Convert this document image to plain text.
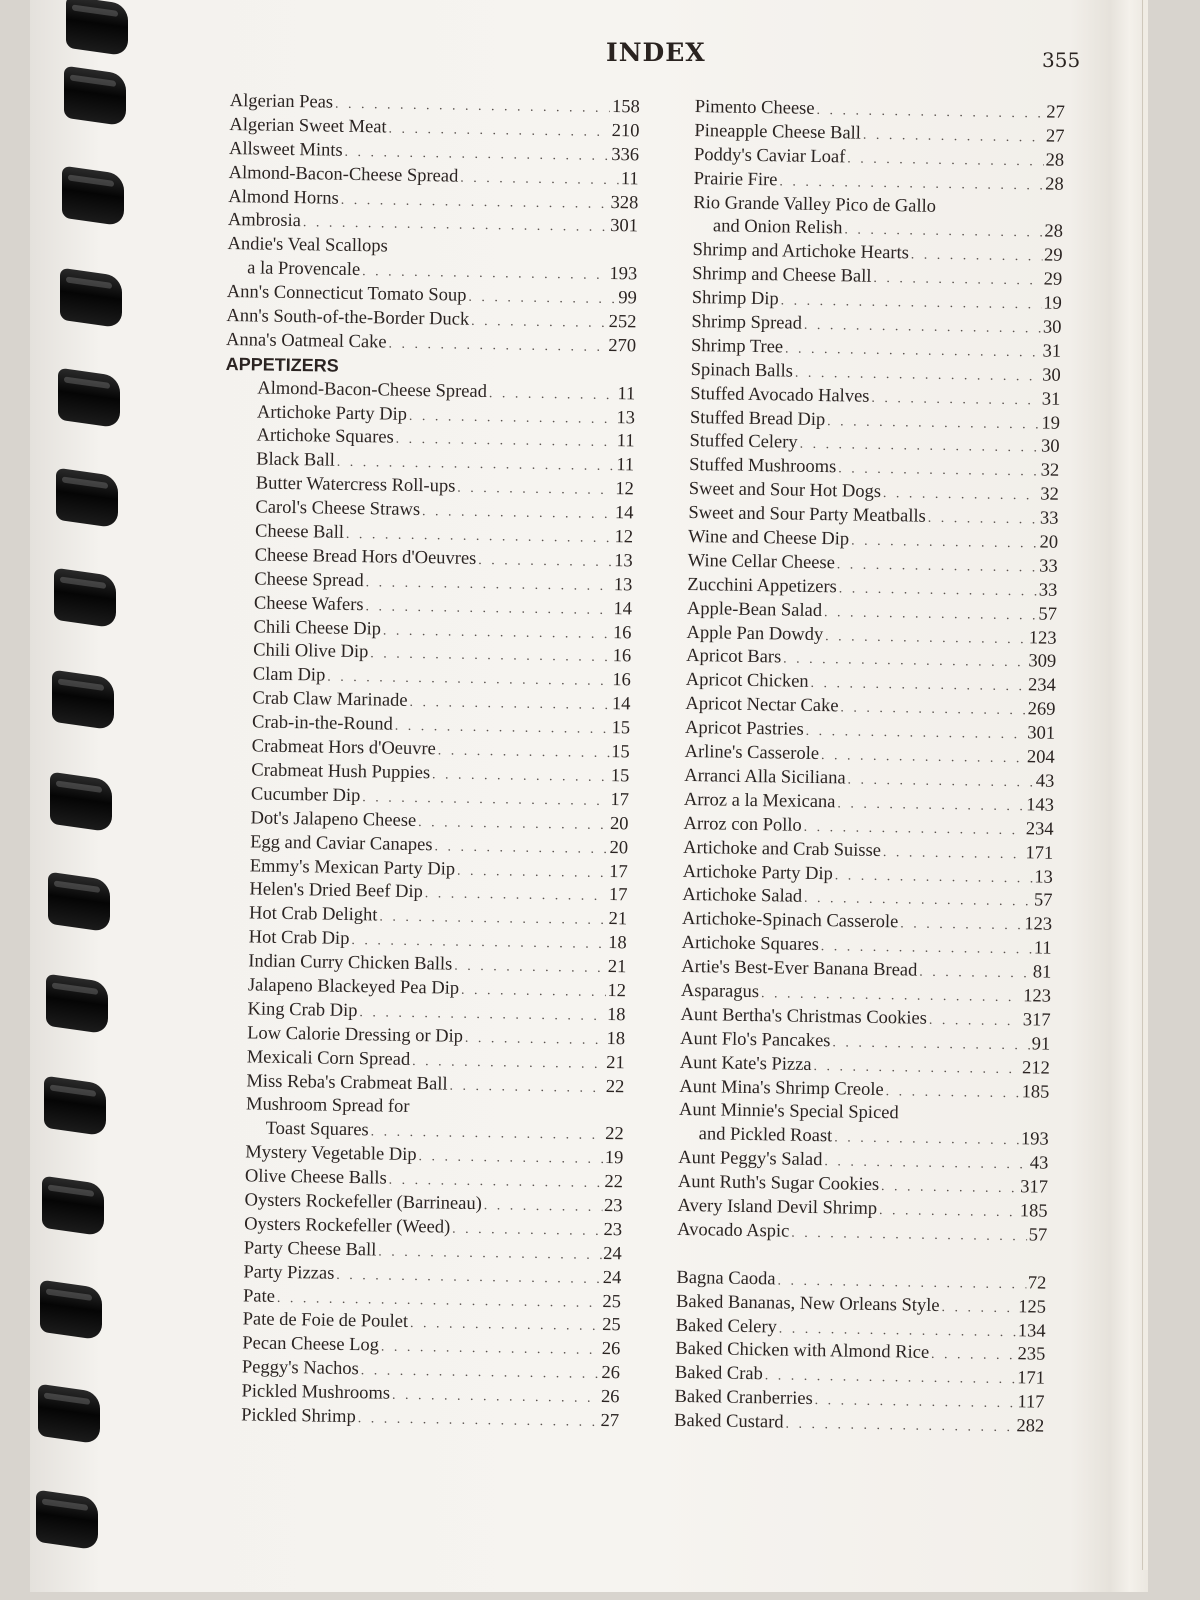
INDEX	355
Algerian Peas . . .	158
Algerian Sweet Meat . . .	210
Allsweet Mints . . .	336
Almond-Bacon-Cheese Spread . . .	11
Almond Horns . . .	328
Ambrosia . . .	301
Andie's Veal Scallops
a la Provencale . . .	193
Ann's Connecticut Tomato Soup . . .	99
Ann's South-of-the-Border Duck . . .	252
Anna's Oatmeal Cake . . .	270
APPETIZERS
Almond-Bacon-Cheese Spread . . .	11
Artichoke Party Dip . . .	13
Artichoke Squares . . .	11
Black Ball . . .	11
Butter Watercress Roll-ups . . .	12
Carol's Cheese Straws . . .	14
Cheese Ball . . .	12
Cheese Bread Hors d'Oeuvres . . .	13
Cheese Spread . . .	13
Cheese Wafers . . .	14
Chili Cheese Dip . . .	16
Chili Olive Dip . . .	16
Clam Dip . . .	16
Crab Claw Marinade . . .	14
Crab-in-the-Round . . .	15
Crabmeat Hors d'Oeuvre . . .	15
Crabmeat Hush Puppies . . .	15
Cucumber Dip . . .	17
Dot's Jalapeno Cheese . . .	20
Egg and Caviar Canapes . . .	20
Emmy's Mexican Party Dip . . .	17
Helen's Dried Beef Dip . . .	17
Hot Crab Delight . . .	21
Hot Crab Dip . . .	18
Indian Curry Chicken Balls . . .	21
Jalapeno Blackeyed Pea Dip . . .	12
King Crab Dip . . .	18
Low Calorie Dressing or Dip . . .	18
Mexicali Corn Spread . . .	21
Miss Reba's Crabmeat Ball . . .	22
Mushroom Spread for
Toast Squares . . .	22
Mystery Vegetable Dip . . .	19
Olive Cheese Balls . . .	22
Oysters Rockefeller (Barrineau) . . .	23
Oysters Rockefeller (Weed) . . .	23
Party Cheese Ball . . .	24
Party Pizzas . . .	24
Pate . . .	25
Pate de Foie de Poulet . . .	25
Pecan Cheese Log . . .	26
Peggy's Nachos . . .	26
Pickled Mushrooms . . .	26
Pickled Shrimp . . .	27
Pimento Cheese . . .	27
Pineapple Cheese Ball . . .	27
Poddy's Caviar Loaf . . .	28
Prairie Fire . . .	28
Rio Grande Valley Pico de Gallo
and Onion Relish . . .	28
Shrimp and Artichoke Hearts . . .	29
Shrimp and Cheese Ball . . .	29
Shrimp Dip . . .	19
Shrimp Spread . . .	30
Shrimp Tree . . .	31
Spinach Balls . . .	30
Stuffed Avocado Halves . . .	31
Stuffed Bread Dip . . .	19
Stuffed Celery . . .	30
Stuffed Mushrooms . . .	32
Sweet and Sour Hot Dogs . . .	32
Sweet and Sour Party Meatballs . . .	33
Wine and Cheese Dip . . .	20
Wine Cellar Cheese . . .	33
Zucchini Appetizers . . .	33
Apple-Bean Salad . . .	57
Apple Pan Dowdy . . .	123
Apricot Bars . . .	309
Apricot Chicken . . .	234
Apricot Nectar Cake . . .	269
Apricot Pastries . . .	301
Arline's Casserole . . .	204
Arranci Alla Siciliana . . .	43
Arroz a la Mexicana . . .	143
Arroz con Pollo . . .	234
Artichoke and Crab Suisse . . .	171
Artichoke Party Dip . . .	13
Artichoke Salad . . .	57
Artichoke-Spinach Casserole . . .	123
Artichoke Squares . . .	11
Artie's Best-Ever Banana Bread . . .	81
Asparagus . . .	123
Aunt Bertha's Christmas Cookies . . .	317
Aunt Flo's Pancakes . . .	91
Aunt Kate's Pizza . . .	212
Aunt Mina's Shrimp Creole . . .	185
Aunt Minnie's Special Spiced
and Pickled Roast . . .	193
Aunt Peggy's Salad . . .	43
Aunt Ruth's Sugar Cookies . . .	317
Avery Island Devil Shrimp . . .	185
Avocado Aspic . . .	57
Bagna Caoda . . .	72
Baked Bananas, New Orleans Style . . .	125
Baked Celery . . .	134
Baked Chicken with Almond Rice . . .	235
Baked Crab . . .	171
Baked Cranberries . . .	117
Baked Custard . . .	282
